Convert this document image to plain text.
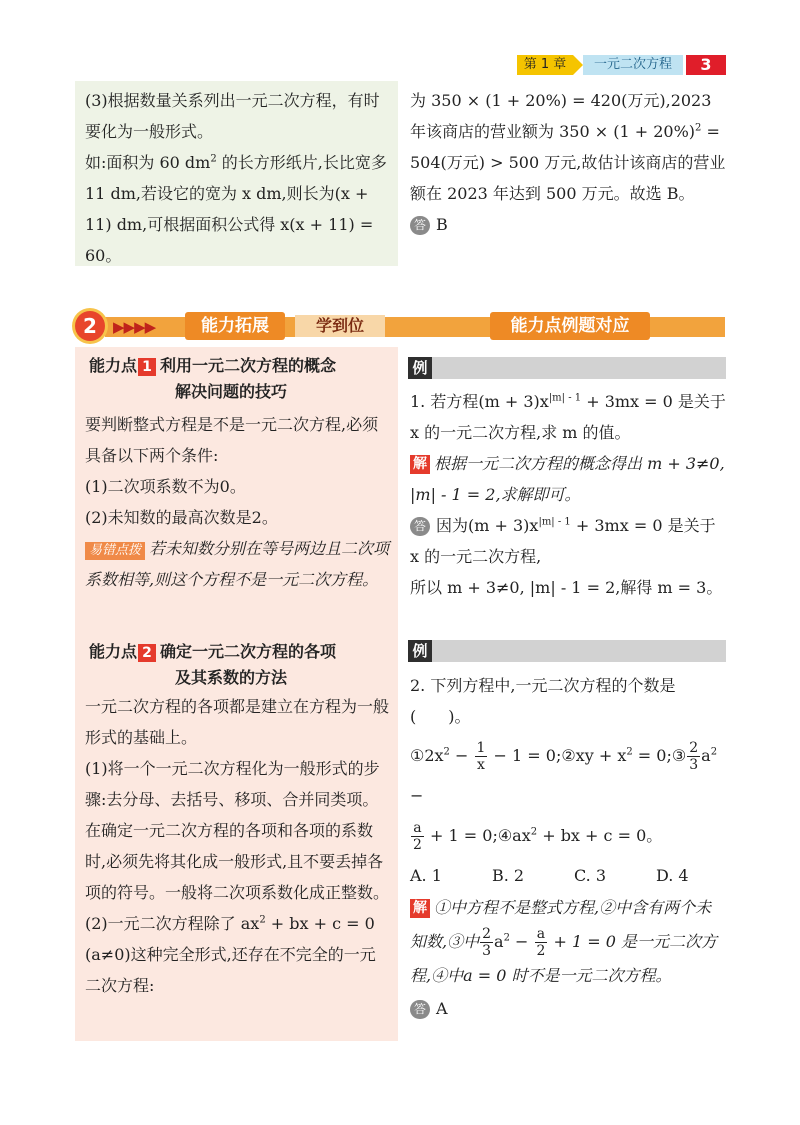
第 1 章	一元二次方程	3

(3)根据数量关系列出一元二次方程，有时要化为一般形式。

如:面积为 60 $dm^2$ 的长方形纸片,长比宽多11 dm,若设它的宽为 x dm,则长为(x + 11) dm,可根据面积公式得 x(x + 11) = 60。

为 350 × (1 + 20%) = 420(万元),2023 年该商店的营业额为 $350 \times (1 + 20\%)^2 = 504$(万元) > 500 万元,故估计该商店的营业额在 2023 年达到 500 万元。故选 B。

答 B

2	▶▶▶▶	能力拓展	学到位	能力点例题对应
能力点 1 利用一元二次方程的概念
解决问题的技巧

要判断整式方程是不是一元二次方程,必须具备以下两个条件:

(1)二次项系数不为0。

(2)未知数的最高次数是2。

易错点拨 若未知数分别在等号两边且二次项系数相等,则这个方程不是一元二次方程。

能力点 2 确定一元二次方程的各项
及其系数的方法

一元二次方程的各项都是建立在方程为一般形式的基础上。

(1)将一个一元二次方程化为一般形式的步骤:去分母、去括号、移项、合并同类项。在确定一元二次方程的各项和各项的系数时,必须先将其化成一般形式,且不要丢掉各项的符号。一般将二次项系数化成正整数。

(2)一元二次方程除了 $ax^2$ + bx + c = 0 (a≠0)这种完全形式,还存在不完全的一元二次方程:

例

1. 若方程$(m + 3)x^{|m| - 1} + 3mx = 0$ 是关于 x 的一元二次方程,求 m 的值。

解 根据一元二次方程的概念得出 m + 3≠0, |m| - 1 = 2,求解即可。

答 因为$(m + 3)x^{|m| - 1} + 3mx = 0$ 是关于 x 的一元二次方程,

所以 m + 3≠0, |m| - 1 = 2,解得 m = 3。

例

2. 下列方程中,一元二次方程的个数是 (　　)。

$①2x^2 - \frac{1}{x} - 1$ = 0;②xy + $x^2$ = 0;③ $\frac{2}{3} a^2$ −

$\frac{a}{2} + 1$ = $0;④ax^2$ + bx + c = 0。

A. 1	B. 2	C. 3	D. 4

解 ①中方程不是整式方程,②中含有两个未知数,③中 $\frac{2}{3} a^2 - \frac{a}{2} + 1 = 0$ 是一元二次方程,④中a = 0 时不是一元二次方程。

答 A
